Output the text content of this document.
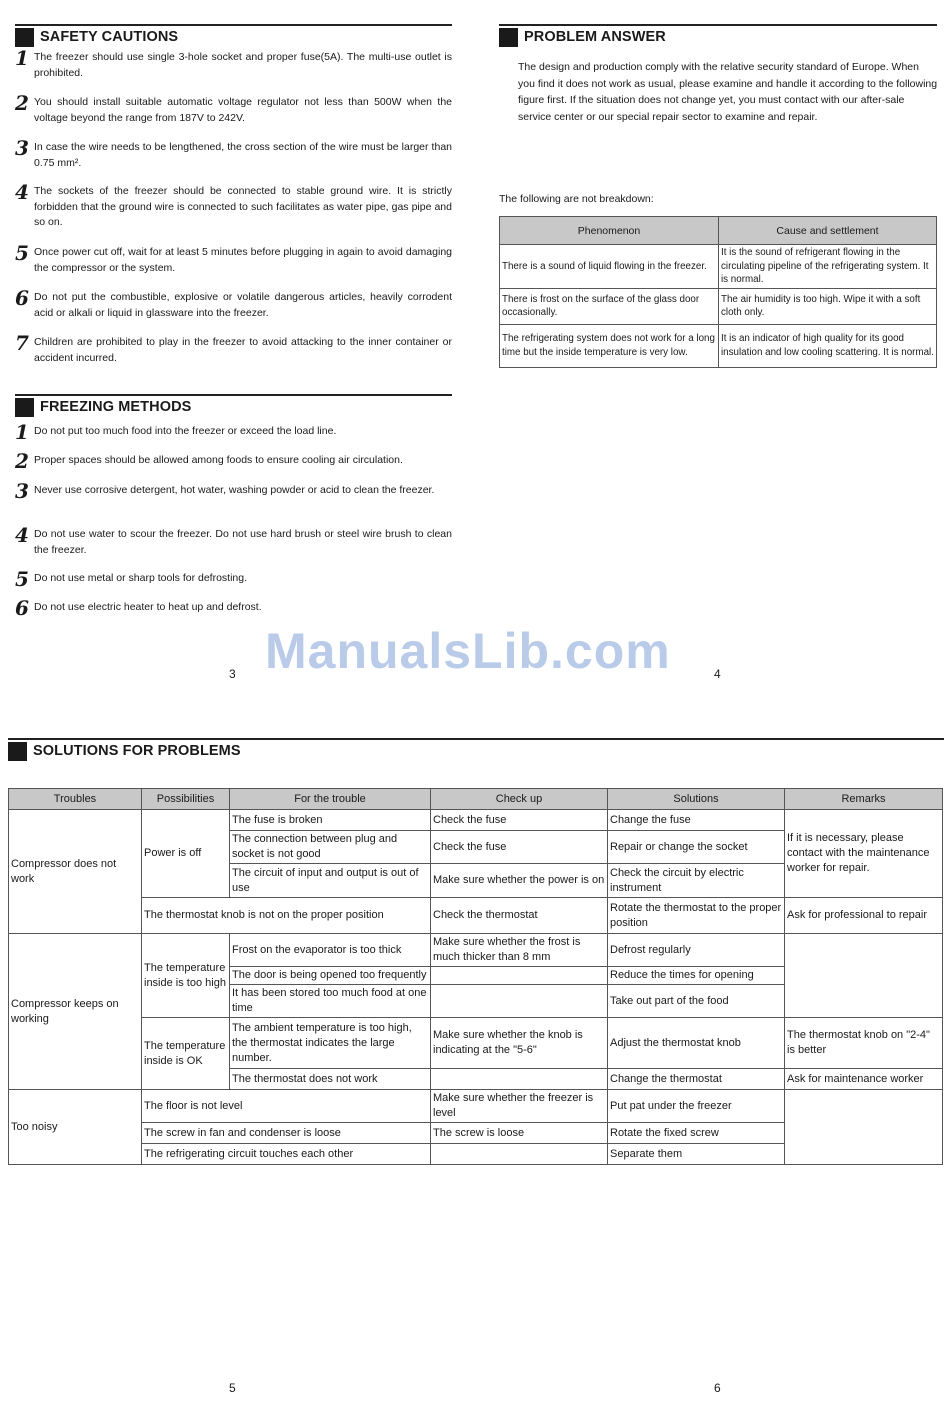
SAFETY CAUTIONS
1 The freezer should use single 3-hole socket and proper fuse(5A). The multi-use outlet is prohibited.
2 You should install suitable automatic voltage regulator not less than 500W when the voltage beyond the range from 187V to 242V.
3 In case the wire needs to be lengthened, the cross section of the wire must be larger than 0.75 mm².
4 The sockets of the freezer should be connected to stable ground wire. It is strictly forbidden that the ground wire is connected to such facilitates as water pipe, gas pipe and so on.
5 Once power cut off, wait for at least 5 minutes before plugging in again to avoid damaging the compressor or the system.
6 Do not put the combustible, explosive or volatile dangerous articles, heavily corrodent acid or alkali or liquid in glassware into the freezer.
7 Children are prohibited to play in the freezer to avoid attacking to the inner container or accident incurred.
FREEZING METHODS
1 Do not put too much food into the freezer or exceed the load line.
2 Proper spaces should be allowed among foods to ensure cooling air circulation.
3 Never use corrosive detergent, hot water, washing powder or acid to clean the freezer.
4 Do not use water to scour the freezer. Do not use hard brush or steel wire brush to clean the freezer.
5 Do not use metal or sharp tools for defrosting.
6 Do not use electric heater to heat up and defrost.
PROBLEM ANSWER
The design and production comply with the relative security standard of Europe. When you find it does not work as usual, please examine and handle it according to the following figure first. If the situation does not change yet, you must contact with our after-sale service center or our special repair sector to examine and repair.
The following are not breakdown:
Phenomenon	Cause and settlement
There is a sound of liquid flowing in the freezer.	It is the sound of refrigerant flowing in the circulating pipeline of the refrigerating system. It is normal.
There is frost on the surface of the glass door occasionally.	The air humidity is too high. Wipe it with a soft cloth only.
The refrigerating system does not work for a long time but the inside temperature is very low.	It is an indicator of high quality for its good insulation and low cooling scattering. It is normal.
ManualsLib.com
3	4
SOLUTIONS FOR PROBLEMS
Troubles	Possibilities	For the trouble	Check up	Solutions	Remarks
Compressor does not work	Power is off	The fuse is broken	Check the fuse	Change the fuse	If it is necessary, please contact with the maintenance worker for repair.
		The connection between plug and socket is not good	Check the fuse	Repair or change the socket	
		The circuit of input and output is out of use	Make sure whether the power is on	Check the circuit by electric instrument	
	The thermostat knob is not on the proper position		Check the thermostat	Rotate the thermostat to the proper position	Ask for professional to repair
Compressor keeps on working	The temperature inside is too high	Frost on the evaporator is too thick	Make sure whether the frost is much thicker than 8 mm	Defrost regularly	
		The door is being opened too frequently		Reduce the times for opening	
		It has been stored too much food at one time		Take out part of the food	
	The temperature inside is OK	The ambient temperature is too high, the thermostat indicates the large number.	Make sure whether the knob is indicating at the "5-6"	Adjust the thermostat knob	The thermostat knob on "2-4" is better
		The thermostat does not work		Change the thermostat	Ask for maintenance worker
Too noisy	The floor is not level		Make sure whether the freezer is level	Put pat under the freezer	
	The screw in fan and condenser is loose		The screw is loose	Rotate the fixed screw	
	The refrigerating circuit touches each other			Separate them	
5	6
